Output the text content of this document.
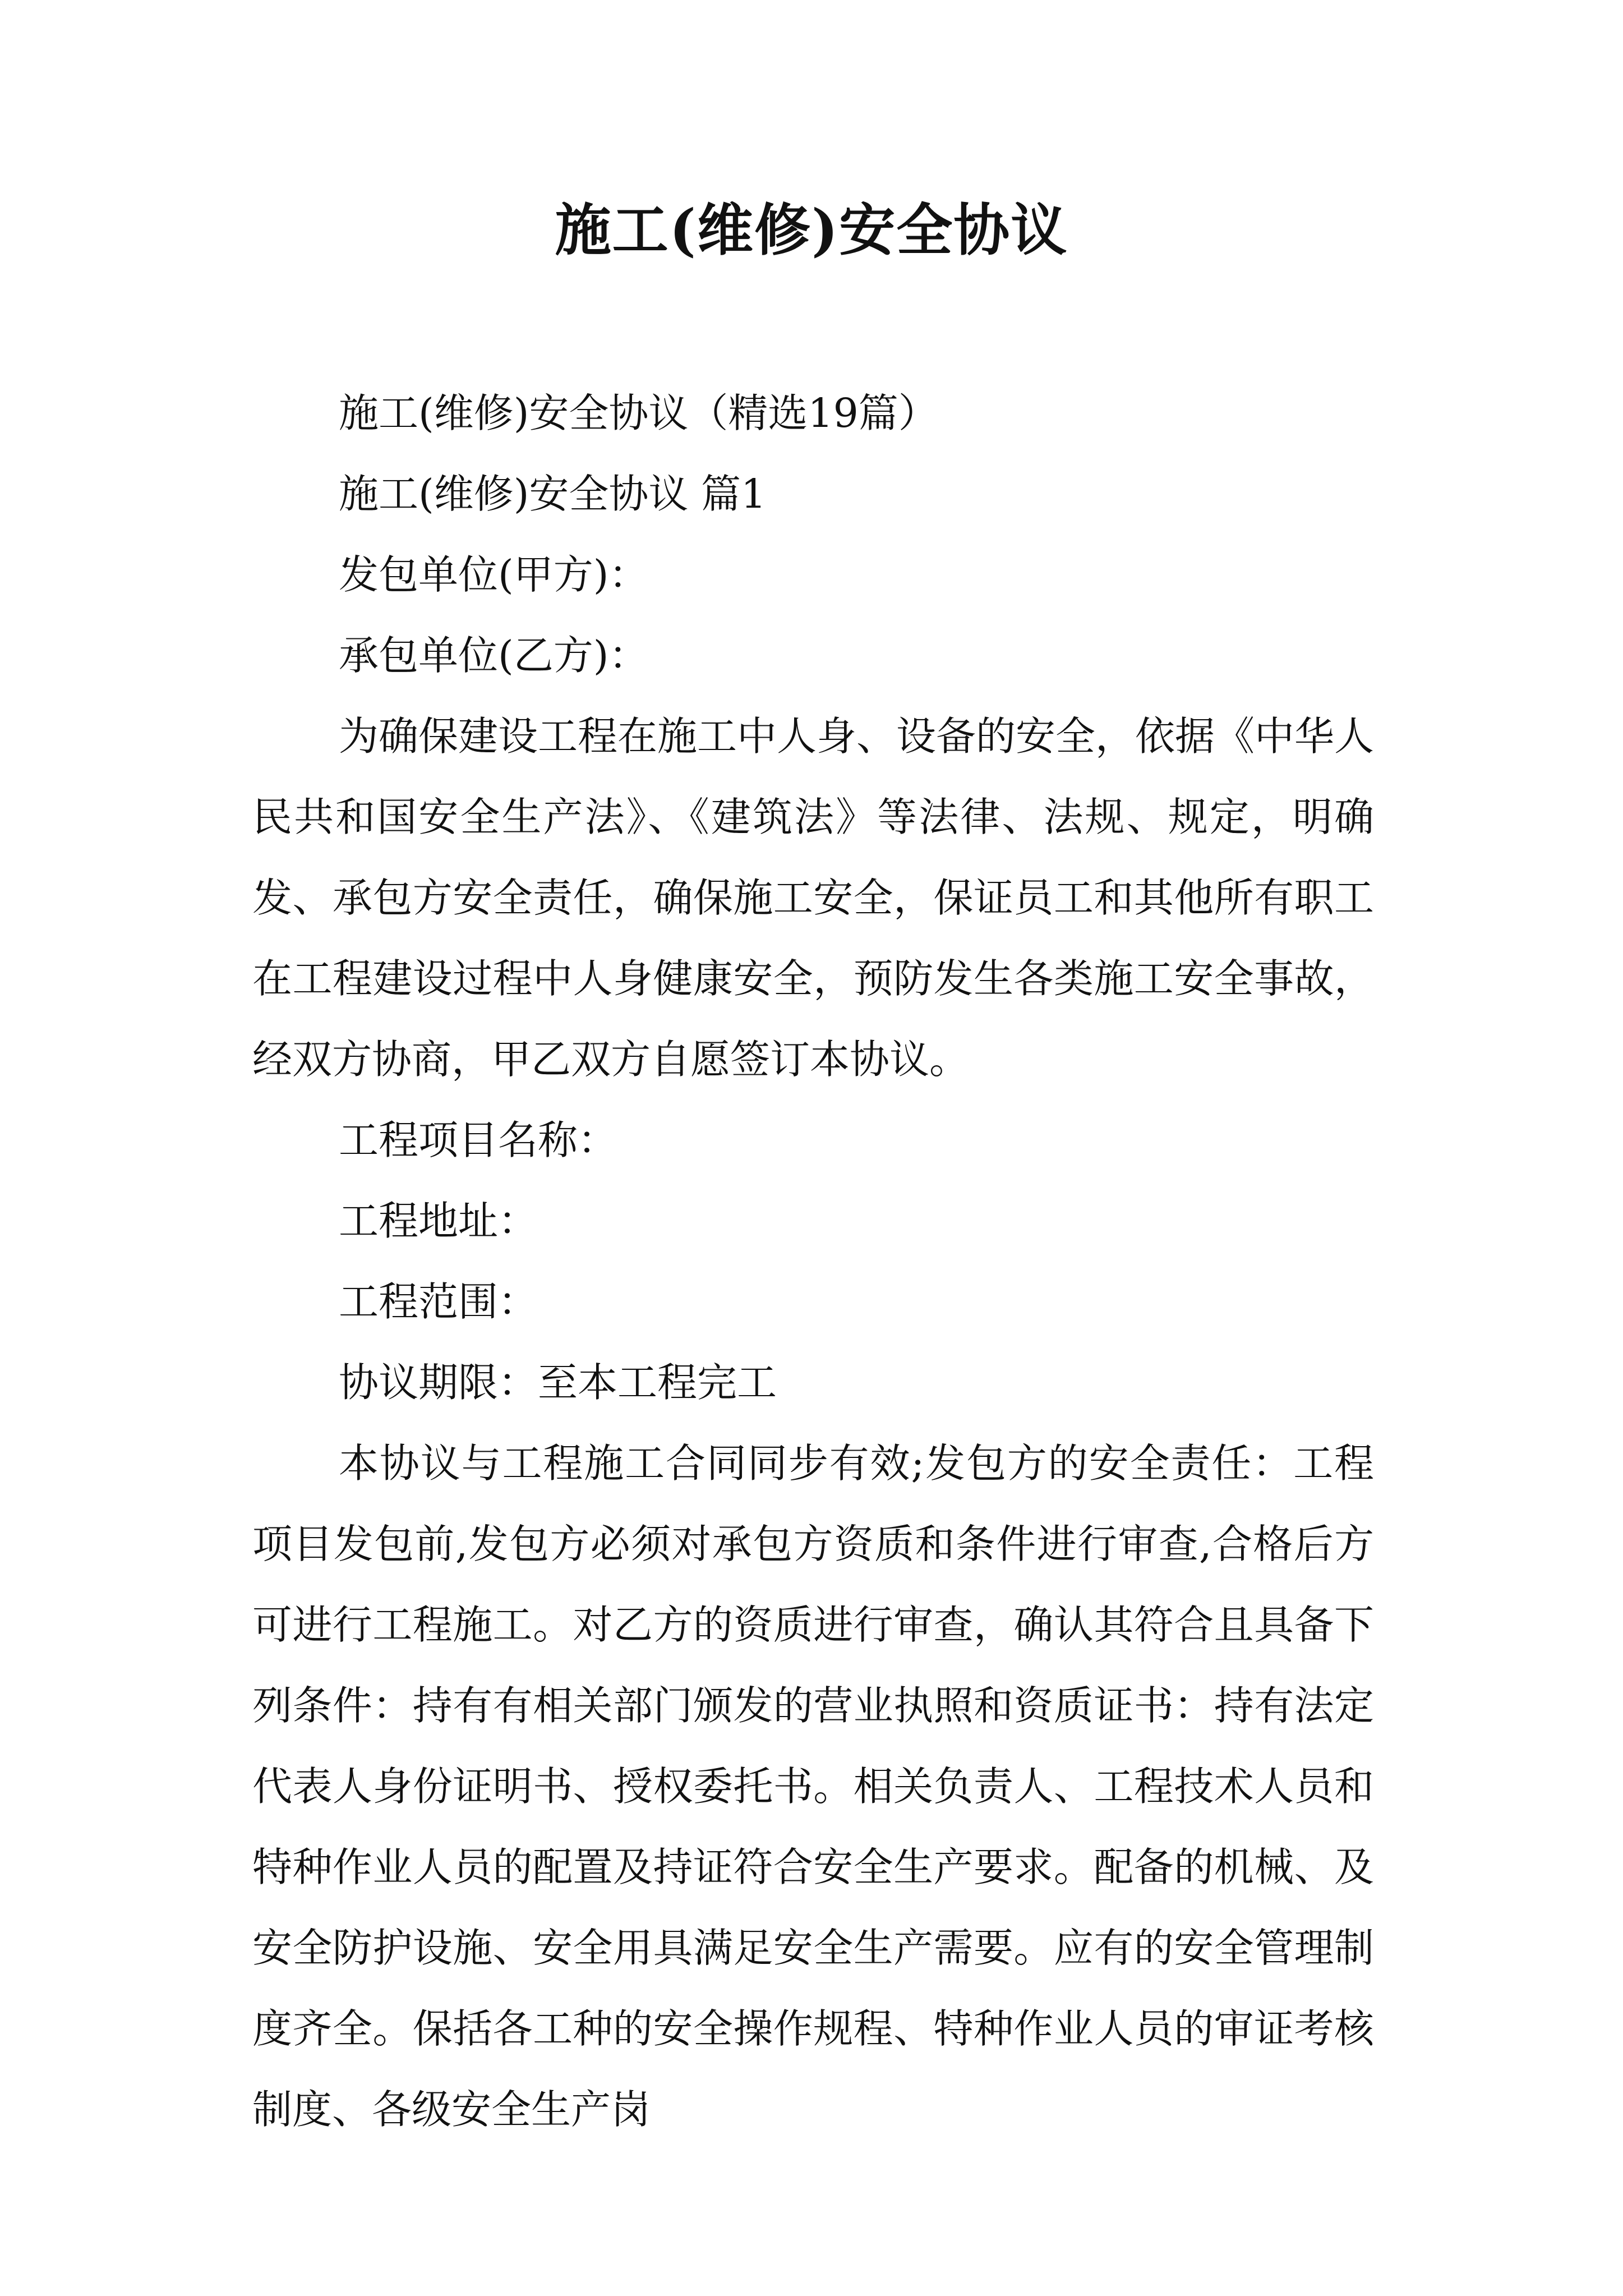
施工(维修)安全协议

施工(维修)安全协议（精选19篇）

施工(维修)安全协议 篇1

发包单位(甲方)：

承包单位(乙方)：

为确保建设工程在施工中人身、设备的安全，依据《中华人民共和国安全生产法》、《建筑法》等法律、法规、规定，明确发、承包方安全责任，确保施工安全，保证员工和其他所有职工在工程建设过程中人身健康安全，预防发生各类施工安全事故，经双方协商，甲乙双方自愿签订本协议。

工程项目名称：

工程地址：

工程范围：

协议期限：至本工程完工

本协议与工程施工合同同步有效;发包方的安全责任：工程项目发包前,发包方必须对承包方资质和条件进行审查,合格后方可进行工程施工。对乙方的资质进行审查，确认其符合且具备下列条件：持有有相关部门颁发的营业执照和资质证书：持有法定代表人身份证明书、授权委托书。相关负责人、工程技术人员和特种作业人员的配置及持证符合安全生产要求。配备的机械、及安全防护设施、安全用具满足安全生产需要。应有的安全管理制度齐全。保括各工种的安全操作规程、特种作业人员的审证考核制度、各级安全生产岗
